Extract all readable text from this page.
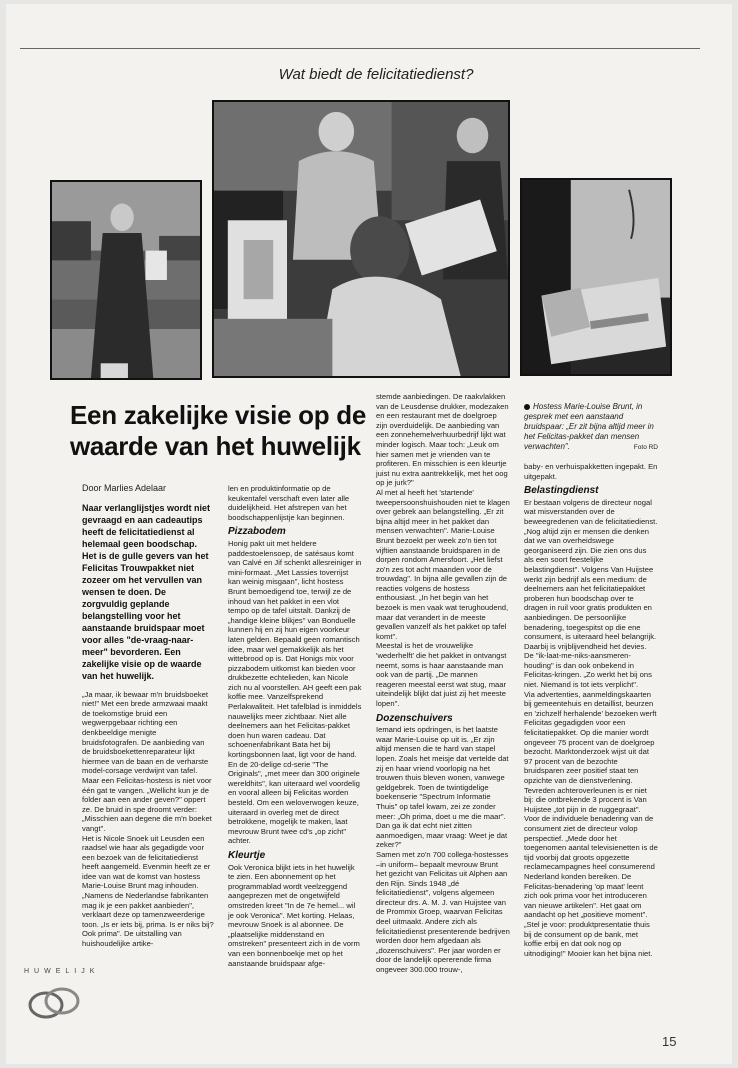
Wat biedt de felicitatiedienst?
Een zakelijke visie op de waarde van het huwelijk
Door Marlies Adelaar
Naar verlanglijstjes wordt niet gevraagd en aan cadeautips heeft de felicitatiedienst al helemaal geen boodschap. Het is de gulle gevers van het Felicitas Trouwpakket niet zozeer om het vervullen van wensen te doen. De zorgvuldig geplande belangstelling voor het aanstaande bruidspaar moet voor alles "de-vraag-naar-meer" bevorderen. Een zakelijke visie op de waarde van het huwelijk.

„Ja maar, ik bewaar m'n bruidsboeket niet!" Met een brede armzwaai maakt de toekomstige bruid een wegwerpgebaar richting een denkbeeldige menigte bruidsfotografen. De aanbieding van de bruidsboekettenreparateur lijkt hiermee van de baan en de verharste model-corsage verdwijnt van tafel. Maar een Felicitas-hostess is niet voor één gat te vangen. „Wellicht kun je de folder aan een ander geven?" oppert ze. De bruid in spe droomt verder: „Misschien aan degene die m'n boeket vangt".

Het is Nicole Snoek uit Leusden een raadsel wie haar als gegadigde voor een bezoek van de felicitatiedienst heeft aangemeld. Evenmin heeft ze er idee van wat de komst van hostess Marie-Louise Brunt mag inhouden. „Namens de Nederlandse fabrikanten mag ik je een pakket aanbieden", verklaart deze op tamenzweerderige toon. „Is er iets bij, prima. Is er niks bij? Ook prima". De uitstalling van huishoudelijke artike-

len en produktinformatie op de keukentafel verschaft even later alle duidelijkheid. Het afstrepen van het boodschappenlijstje kan beginnen.

Pizzabodem

Honig pakt uit met heldere paddestoelensoep, de satésaus komt van Calvé en Jif schenkt allesreiniger in mini-formaat. „Met Lassies toverrijst kan weinig misgaan", licht hostess Brunt bemoedigend toe, terwijl ze de inhoud van het pakket in een vlot tempo op de tafel uitstalt. Dankzij de „handige kleine blikjes" van Bonduelle kunnen hij en zij hun eigen voorkeur laten gelden. Bepaald geen romantisch idee, maar wel gemakkelijk als het wittebrood op is. Dat Honigs mix voor pizzabodem uitkomst kan bieden voor drukbezette echtelieden, kan Nicole zich nu al voorstellen. AH geeft een pak koffie mee. Vanzelfsprekend Perlakwaliteit. Het tafelblad is inmiddels nauwelijks meer zichtbaar. Niet alle deelnemers aan het Felicitas-pakket doen hun waren cadeau. Dat schoenenfabrikant Bata het bij kortingsbonnen laat, ligt voor de hand. En de 20-delige cd-serie "The Originals", „met meer dan 300 originele wereldhits", kan uiteraard wel voordelig en vooral alleen bij Felicitas worden besteld. Om een weloverwogen keuze, uiteraard in overleg met de direct betrokkene, mogelijk te maken, laat mevrouw Brunt twee cd's „op zicht" achter.

Kleurtje

Ook Veronica blijkt iets in het huwelijk te zien. Een abonnement op het programmablad wordt veelzeggend aangeprezen met de ongetwijfeld omstreden kreet "In de 7e hemel... wil je ook Veronica". Met korting. Helaas, mevrouw Snoek is al abonnee. De „plaatselijke middenstand en omstreken" presenteert zich in de vorm van een bonnenboekje met op het aanstaande bruidspaar afge-

stemde aanbiedingen. De raakvlakken van de Leusdense drukker, modezaken en een restaurant met de doelgroep zijn overduidelijk. De aanbieding van een zonnehemelverhuurbedrijf lijkt wat minder logisch. Maar toch: „Leuk om hier samen met je vrienden van te profiteren. En misschien is een kleurtje juist nu extra aantrekkelijk, met het oog op je jurk?"

Al met al heeft het 'startende' tweepersoonshuishouden niet te klagen over gebrek aan belangstelling. „Er zit bijna altijd meer in het pakket dan mensen verwachten". Marie-Louise Brunt bezoekt per week zo'n tien tot vijftien aanstaande bruidsparen in de dorpen rondom Amersfoort. „Het liefst zo'n zes tot acht maanden voor de trouwdag". In bijna alle gevallen zijn de reacties volgens de hostess enthousiast. „In het begin van het bezoek is men vaak wat terughoudend, maar dat verandert in de meeste gevallen vanzelf als het pakket op tafel komt".

Meestal is het de vrouwelijke 'wederhelft' die het pakket in ontvangst neemt, soms is haar aanstaande man ook van de partij. „De mannen reageren meestal eerst wat stug, maar uiteindelijk blijkt dat juist zij het meeste lopen".

Dozenschuivers

Iemand iets opdringen, is het laatste waar Marie-Louise op uit is. „Er zijn altijd mensen die te hard van stapel lopen. Zoals het meisje dat vertelde dat zij en haar vriend voorlopig na het trouwen thuis bleven wonen, vanwege geldgebrek. Toen de twintigdelige boekenserie "Spectrum Informatie Thuis" op tafel kwam, zei ze zonder meer: „Oh prima, doet u me die maar". Dan ga ik dat echt niet zitten aanmoedigen, maar vraag: Weet je dat zeker?"

Samen met zo'n 700 collega-hostesses –in uniform– bepaalt mevrouw Brunt het gezicht van Felicitas uit Alphen aan den Rijn. Sinds 1948 „dé felicitatiedienst", volgens algemeen directeur drs. A. M. J. van Huijstee van de Prommix Groep, waarvan Felicitas deel uitmaakt. Andere zich als felicitatiedienst presenterende bedrijven worden door hem afgedaan als „dozenschuivers". Per jaar worden er door de landelijk opererende firma ongeveer 300.000 trouw-,

Hostess Marie-Louise Brunt, in gesprek met een aanstaand bruidspaar: „Er zit bijna altijd meer in het Felicitas-pakket dan mensen verwachten".	Foto RD

baby- en verhuispakketten ingepakt. En uitgepakt.

Belastingdienst

Er bestaan volgens de directeur nogal wat misverstanden over de beweegredenen van de felicitatiedienst. „Nog altijd zijn er mensen die denken dat we van overheidswege georganiseerd zijn. Die zien ons dus als een soort feestelijke belastingdienst". Volgens Van Huijstee werkt zijn bedrijf als een medium: de deelnemers aan het felicitatiepakket proberen hun boodschap over te dragen in ruil voor gratis produkten en aanbiedingen. De persoonlijke benadering, toegespitst op die ene consument, is uiteraard heel belangrijk. Daarbij is vrijblijvendheid het devies. De "ik-laat-me-niks-aansmeren-houding" is dan ook onbekend in Felicitas-kringen. „Zo werkt het bij ons niet. Niemand is tot iets verplicht".

Via advertenties, aanmeldingskaarten bij gemeentehuis en detaillist, beurzen en 'zichzelf herhalende' bezoeken werft Felicitas gegadigden voor een felicitatiepakket. Op die manier wordt ongeveer 75 procent van de doelgroep bezocht. Marktonderzoek wijst uit dat 97 procent van de bezochte bruidsparen zeer positief staat ten opzichte van de dienstverlening. Tevreden achteroverleunen is er niet bij: die ontbrekende 3 procent is Van Huijstee „tot pijn in de ruggegraat".

Voor de individuele benadering van de consument ziet de directeur volop perspectief. „Mede door het toegenomen aantal televisienetten is de tijd voorbij dat groots opgezette reclamecampagnes heel consumerend Nederland konden bereiken. De Felicitas-benadering 'op maat' leent zich ook prima voor het introduceren van nieuwe artikelen". Het gaat om aandacht op het „positieve moment". „Stel je voor: produktpresentatie thuis bij de consument op de bank, met koffie erbij en dat ook nog op uitnodiging!" Mooier kan het bijna niet.

HUWELIJK
15
